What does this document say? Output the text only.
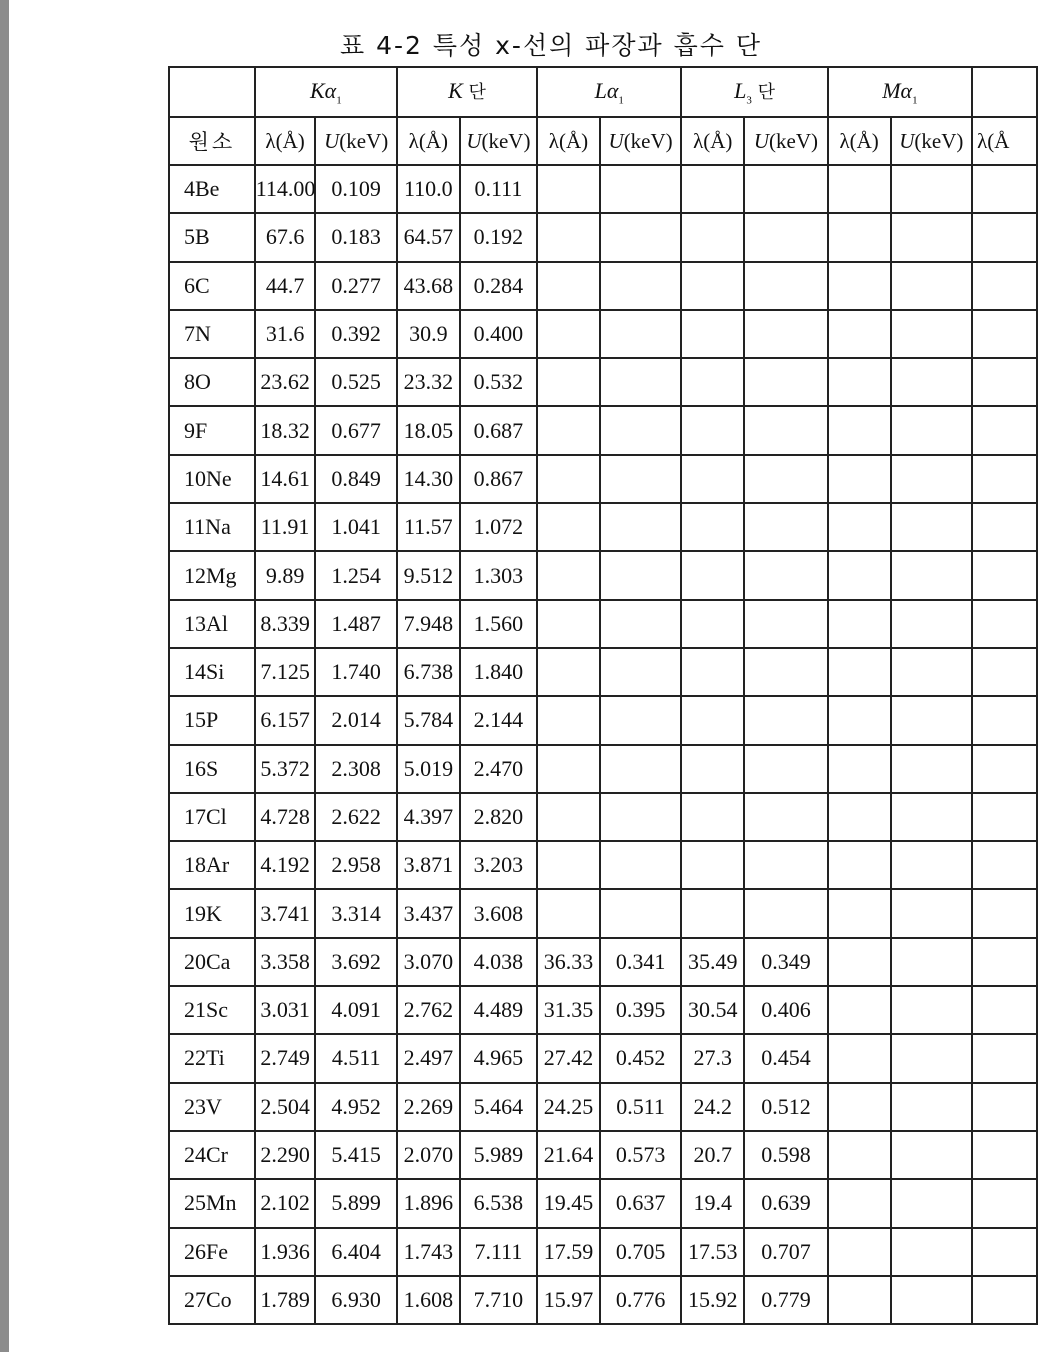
표 4-2 특성 x-선의 파장과 흡수 단
	$K\alpha_1$		K 단		$L\alpha_1$		$L_3$ 단		$M\alpha_1$	
원소	λ(Å)	U(keV)	λ(Å)	U(keV)	λ(Å)	U(keV)	λ(Å)	U(keV)	λ(Å)	U(keV)	λ(Å
4Be	114.00	0.109	110.0	0.111							
5B	67.6	0.183	64.57	0.192							
6C	44.7	0.277	43.68	0.284							
7N	31.6	0.392	30.9	0.400							
8O	23.62	0.525	23.32	0.532							
9F	18.32	0.677	18.05	0.687							
10Ne	14.61	0.849	14.30	0.867							
11Na	11.91	1.041	11.57	1.072							
12Mg	9.89	1.254	9.512	1.303							
13Al	8.339	1.487	7.948	1.560							
14Si	7.125	1.740	6.738	1.840							
15P	6.157	2.014	5.784	2.144							
16S	5.372	2.308	5.019	2.470							
17Cl	4.728	2.622	4.397	2.820							
18Ar	4.192	2.958	3.871	3.203							
19K	3.741	3.314	3.437	3.608							
20Ca	3.358	3.692	3.070	4.038	36.33	0.341	35.49	0.349			
21Sc	3.031	4.091	2.762	4.489	31.35	0.395	30.54	0.406			
22Ti	2.749	4.511	2.497	4.965	27.42	0.452	27.3	0.454			
23V	2.504	4.952	2.269	5.464	24.25	0.511	24.2	0.512			
24Cr	2.290	5.415	2.070	5.989	21.64	0.573	20.7	0.598			
25Mn	2.102	5.899	1.896	6.538	19.45	0.637	19.4	0.639			
26Fe	1.936	6.404	1.743	7.111	17.59	0.705	17.53	0.707			
27Co	1.789	6.930	1.608	7.710	15.97	0.776	15.92	0.779			
